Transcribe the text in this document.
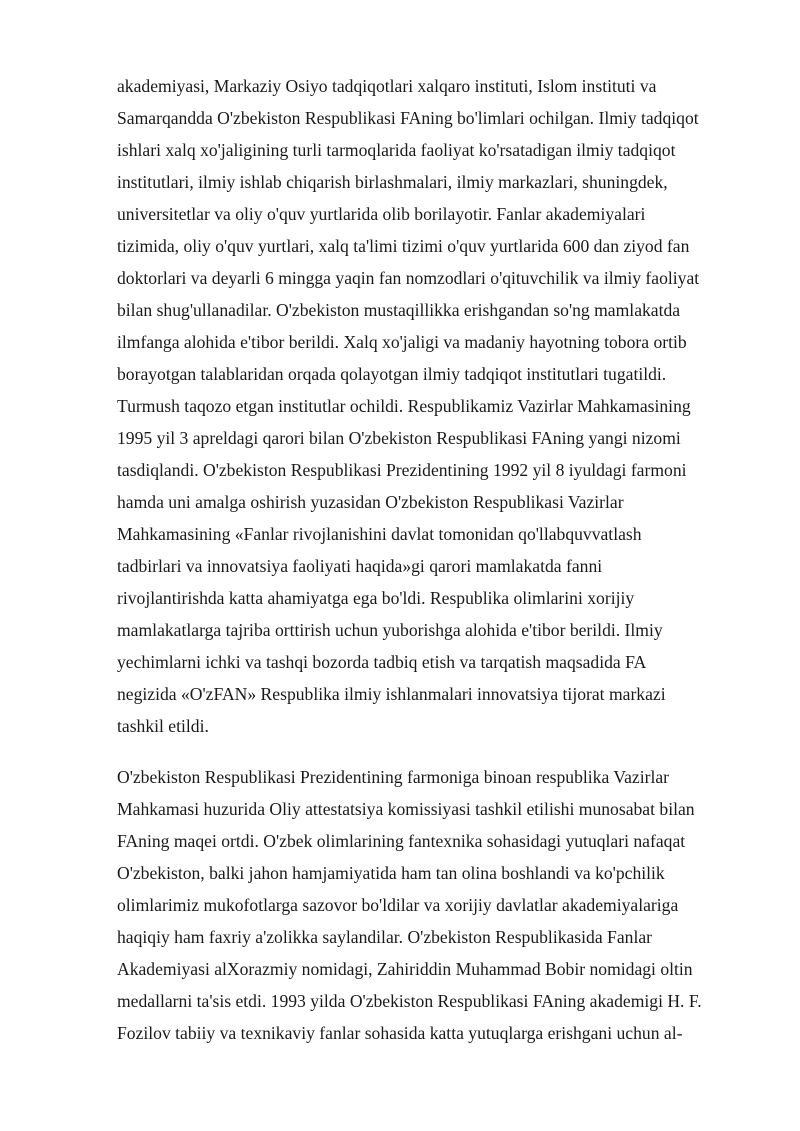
akademiyasi, Markaziy Osiyo tadqiqotlari xalqaro instituti, Islom instituti va
Samarqandda O'zbekiston Respublikasi FAning bo'limlari ochilgan. Ilmiy tadqiqot
ishlari xalq xo'jaligining turli tarmoqlarida faoliyat ko'rsatadigan ilmiy tadqiqot
institutlari, ilmiy ishlab chiqarish birlashmalari, ilmiy markazlari, shuningdek,
universitetlar va oliy o'quv yurtlarida olib borilayotir. Fanlar akademiyalari
tizimida, oliy o'quv yurtlari, xalq ta'limi tizimi o'quv yurtlarida 600 dan ziyod fan
doktorlari va deyarli 6 mingga yaqin fan nomzodlari o'qituvchilik va ilmiy faoliyat
bilan shug'ullanadilar. O'zbekiston mustaqillikka erishgandan so'ng mamlakatda
ilmfanga alohida e'tibor berildi. Xalq xo'jaligi va madaniy hayotning tobora ortib
borayotgan talablaridan orqada qolayotgan ilmiy tadqiqot institutlari tugatildi.
Turmush taqozo etgan institutlar ochildi. Respublikamiz Vazirlar Mahkamasining
1995 yil 3 apreldagi qarori bilan O'zbekiston Respublikasi FAning yangi nizomi
tasdiqlandi. O'zbekiston Respublikasi Prezidentining 1992 yil 8 iyuldagi farmoni
hamda uni amalga oshirish yuzasidan O'zbekiston Respublikasi Vazirlar
Mahkamasining «Fanlar rivojlanishini davlat tomonidan qo'llabquvvatlash
tadbirlari va innovatsiya faoliyati haqida»gi qarori mamlakatda fanni
rivojlantirishda katta ahamiyatga ega bo'ldi. Respublika olimlarini xorijiy
mamlakatlarga tajriba orttirish uchun yuborishga alohida e'tibor berildi. Ilmiy
yechimlarni ichki va tashqi bozorda tadbiq etish va tarqatish maqsadida FA
negizida «O'zFAN» Respublika ilmiy ishlanmalari innovatsiya tijorat markazi
tashkil etildi.

O'zbekiston Respublikasi Prezidentining farmoniga binoan respublika Vazirlar
Mahkamasi huzurida Oliy attestatsiya komissiyasi tashkil etilishi munosabat bilan
FAning maqei ortdi. O'zbek olimlarining fantexnika sohasidagi yutuqlari nafaqat
O'zbekiston, balki jahon hamjamiyatida ham tan olina boshlandi va ko'pchilik
olimlarimiz mukofotlarga sazovor bo'ldilar va xorijiy davlatlar akademiyalariga
haqiqiy ham faxriy a'zolikka saylandilar. O'zbekiston Respublikasida Fanlar
Akademiyasi alXorazmiy nomidagi, Zahiriddin Muhammad Bobir nomidagi oltin
medallarni ta'sis etdi. 1993 yilda O'zbekiston Respublikasi FAning akademigi H. F.
Fozilov tabiiy va texnikaviy fanlar sohasida katta yutuqlarga erishgani uchun al-
